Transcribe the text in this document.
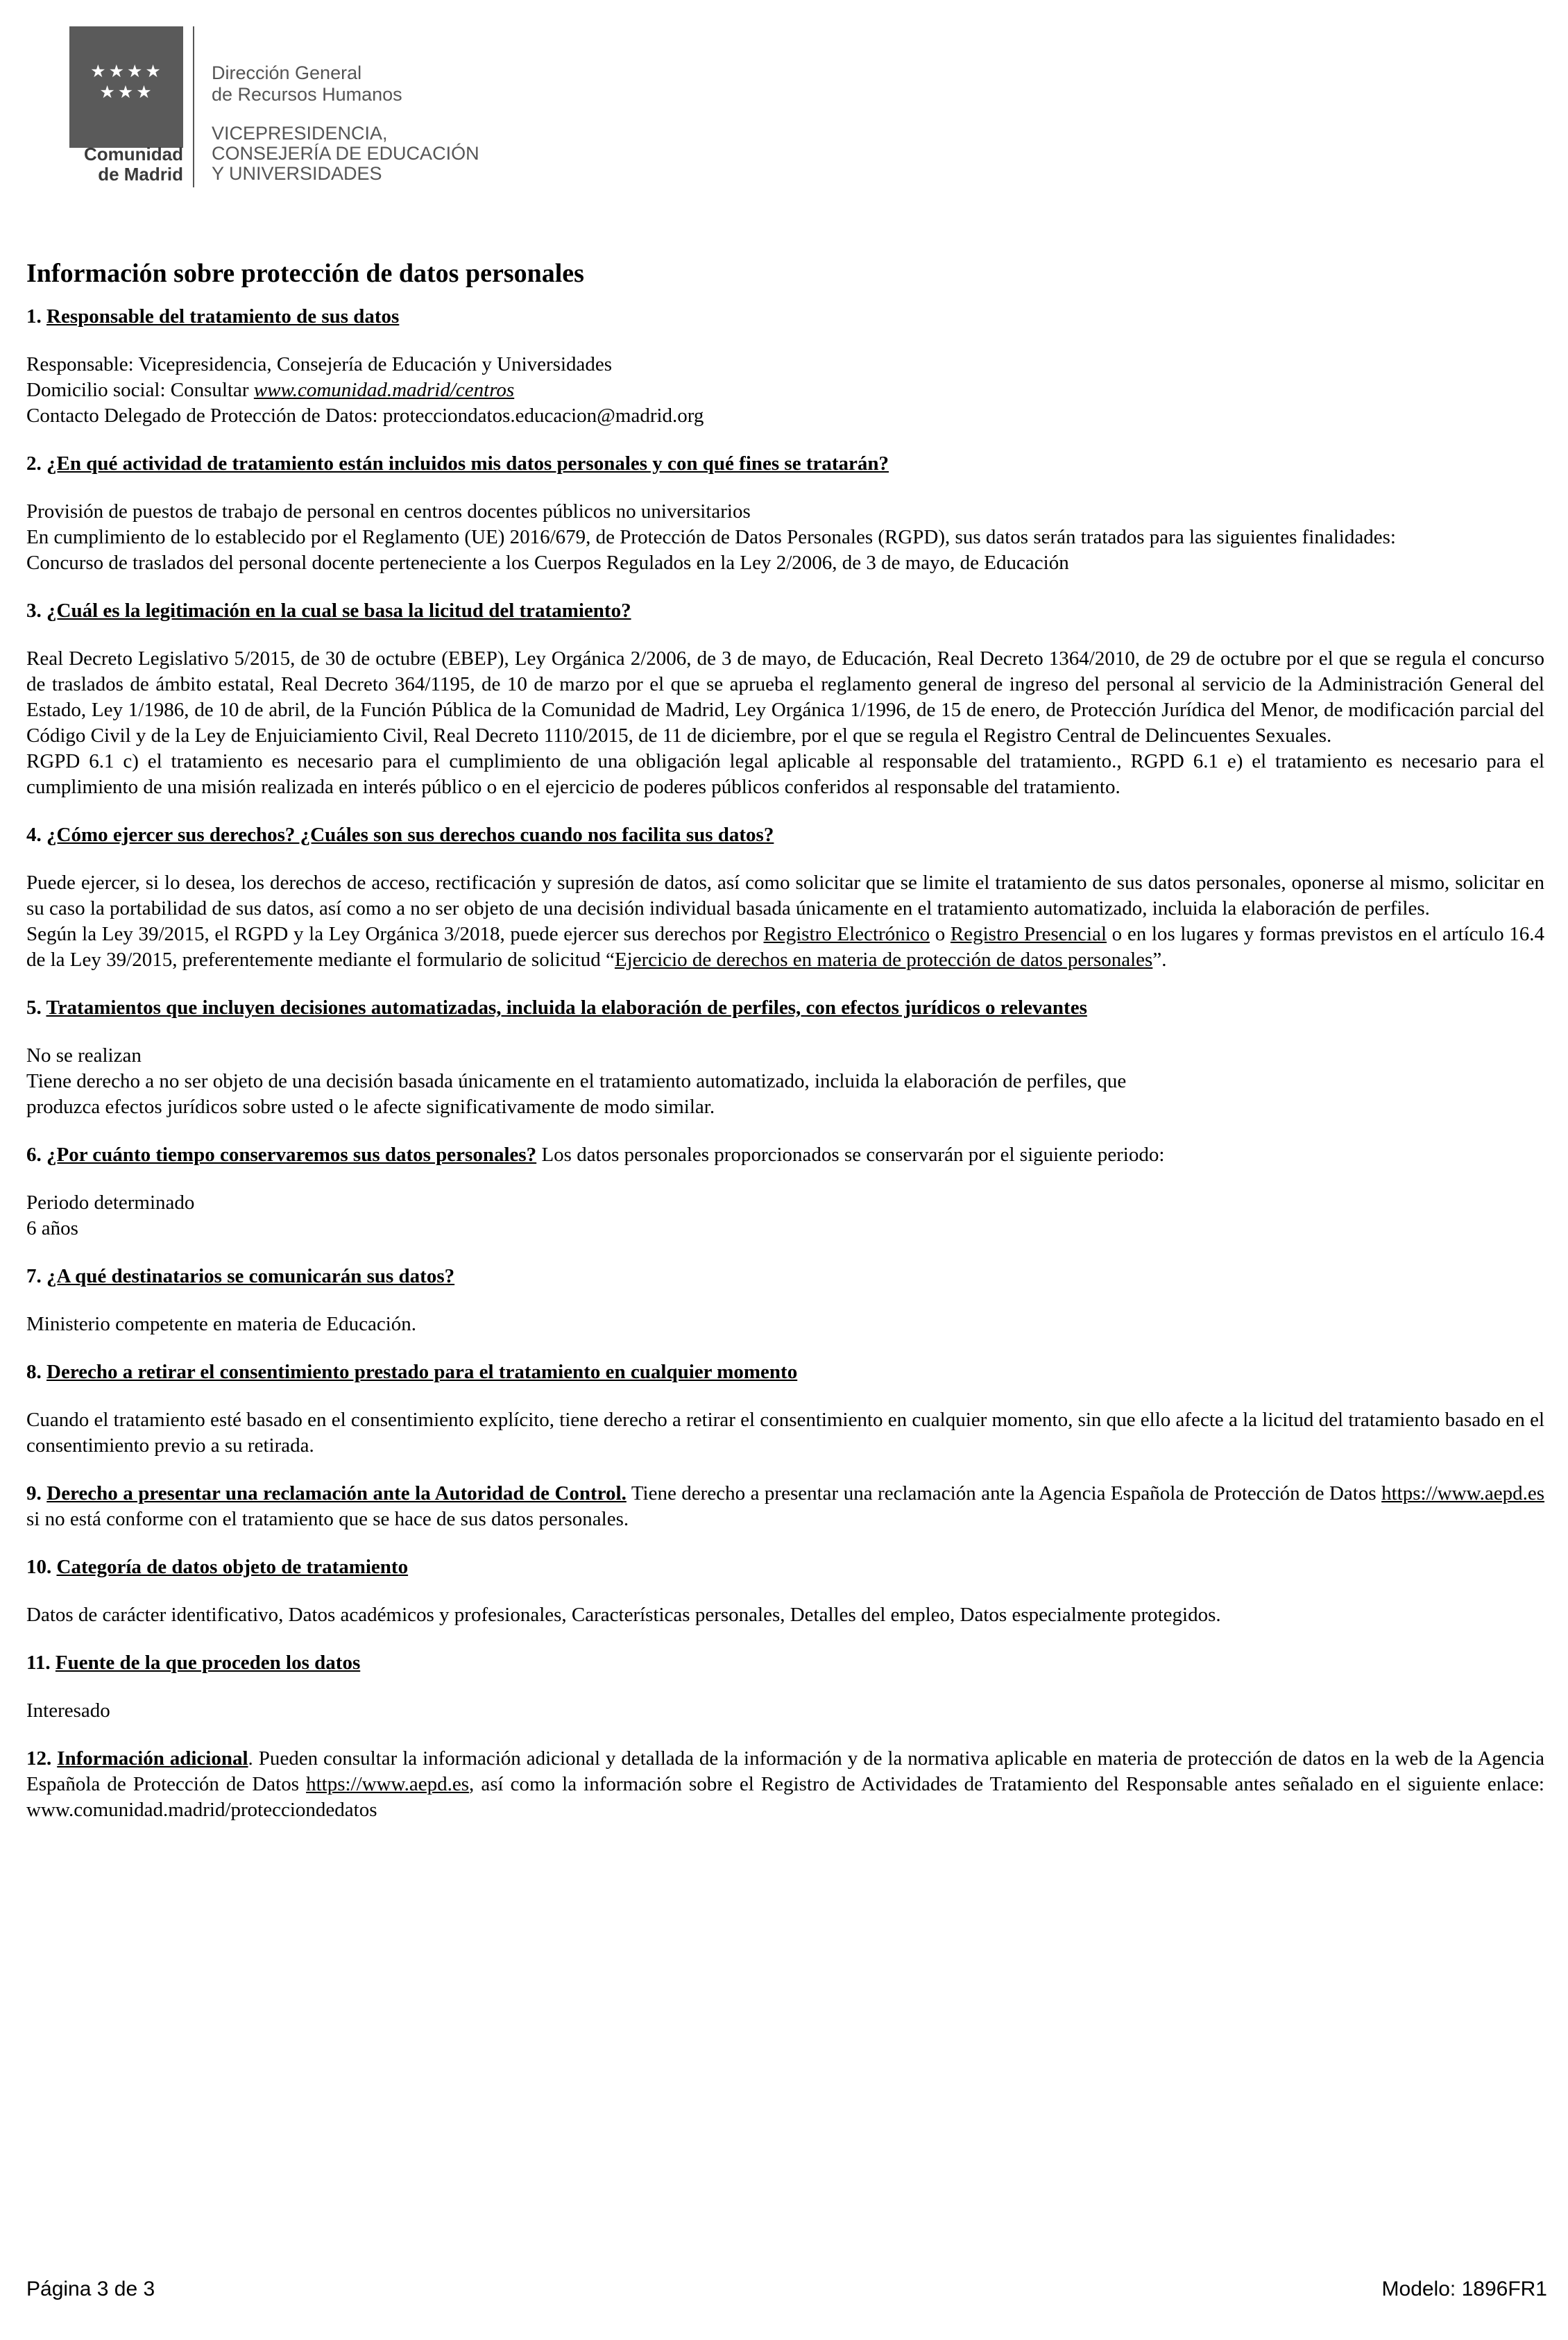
★★★★
★★★
Comunidad
de Madrid
Dirección General
de Recursos Humanos
VICEPRESIDENCIA,
CONSEJERÍA DE EDUCACIÓN
Y UNIVERSIDADES
Información sobre protección de datos personales
1. Responsable del tratamiento de sus datos

Responsable: Vicepresidencia, Consejería de Educación y Universidades

Domicilio social: Consultar www.comunidad.madrid/centros

Contacto Delegado de Protección de Datos: protecciondatos.educacion@madrid.org

2. ¿En qué actividad de tratamiento están incluidos mis datos personales y con qué fines se tratarán?

Provisión de puestos de trabajo de personal en centros docentes públicos no universitarios

En cumplimiento de lo establecido por el Reglamento (UE) 2016/679, de Protección de Datos Personales (RGPD), sus datos serán tratados para las siguientes finalidades:

Concurso de traslados del personal docente perteneciente a los Cuerpos Regulados en la Ley 2/2006, de 3 de mayo, de Educación

3. ¿Cuál es la legitimación en la cual se basa la licitud del tratamiento?

Real Decreto Legislativo 5/2015, de 30 de octubre (EBEP), Ley Orgánica 2/2006, de 3 de mayo, de Educación, Real Decreto 1364/2010, de 29 de octubre por el que se regula el concurso de traslados de ámbito estatal, Real Decreto 364/1195, de 10 de marzo por el que se aprueba el reglamento general de ingreso del personal al servicio de la Administración General del Estado, Ley 1/1986, de 10 de abril, de la Función Pública de la Comunidad de Madrid, Ley Orgánica 1/1996, de 15 de enero, de Protección Jurídica del Menor, de modificación parcial del Código Civil y de la Ley de Enjuiciamiento Civil, Real Decreto 1110/2015, de 11 de diciembre, por el que se regula el Registro Central de Delincuentes Sexuales.

RGPD 6.1 c) el tratamiento es necesario para el cumplimiento de una obligación legal aplicable al responsable del tratamiento., RGPD 6.1 e) el tratamiento es necesario para el cumplimiento de una misión realizada en interés público o en el ejercicio de poderes públicos conferidos al responsable del tratamiento.

4. ¿Cómo ejercer sus derechos? ¿Cuáles son sus derechos cuando nos facilita sus datos?

Puede ejercer, si lo desea, los derechos de acceso, rectificación y supresión de datos, así como solicitar que se limite el tratamiento de sus datos personales, oponerse al mismo, solicitar en su caso la portabilidad de sus datos, así como a no ser objeto de una decisión individual basada únicamente en el tratamiento automatizado, incluida la elaboración de perfiles.

Según la Ley 39/2015, el RGPD y la Ley Orgánica 3/2018, puede ejercer sus derechos por Registro Electrónico o Registro Presencial o en los lugares y formas previstos en el artículo 16.4 de la Ley 39/2015, preferentemente mediante el formulario de solicitud “Ejercicio de derechos en materia de protección de datos personales”.

5. Tratamientos que incluyen decisiones automatizadas, incluida la elaboración de perfiles, con efectos jurídicos o relevantes

No se realizan

Tiene derecho a no ser objeto de una decisión basada únicamente en el tratamiento automatizado, incluida la elaboración de perfiles, que

produzca efectos jurídicos sobre usted o le afecte significativamente de modo similar.

6. ¿Por cuánto tiempo conservaremos sus datos personales? Los datos personales proporcionados se conservarán por el siguiente periodo:

Periodo determinado

6 años

7. ¿A qué destinatarios se comunicarán sus datos?

Ministerio competente en materia de Educación.

8. Derecho a retirar el consentimiento prestado para el tratamiento en cualquier momento

Cuando el tratamiento esté basado en el consentimiento explícito, tiene derecho a retirar el consentimiento en cualquier momento, sin que ello afecte a la licitud del tratamiento basado en el consentimiento previo a su retirada.

9. Derecho a presentar una reclamación ante la Autoridad de Control. Tiene derecho a presentar una reclamación ante la Agencia Española de Protección de Datos https://www.aepd.es si no está conforme con el tratamiento que se hace de sus datos personales.

10. Categoría de datos objeto de tratamiento

Datos de carácter identificativo, Datos académicos y profesionales, Características personales, Detalles del empleo, Datos especialmente protegidos.

11. Fuente de la que proceden los datos

Interesado

12. Información adicional. Pueden consultar la información adicional y detallada de la información y de la normativa aplicable en materia de protección de datos en la web de la Agencia Española de Protección de Datos https://www.aepd.es, así como la información sobre el Registro de Actividades de Tratamiento del Responsable antes señalado en el siguiente enlace: www.comunidad.madrid/protecciondedatos

Página 3 de 3	Modelo: 1896FR1
